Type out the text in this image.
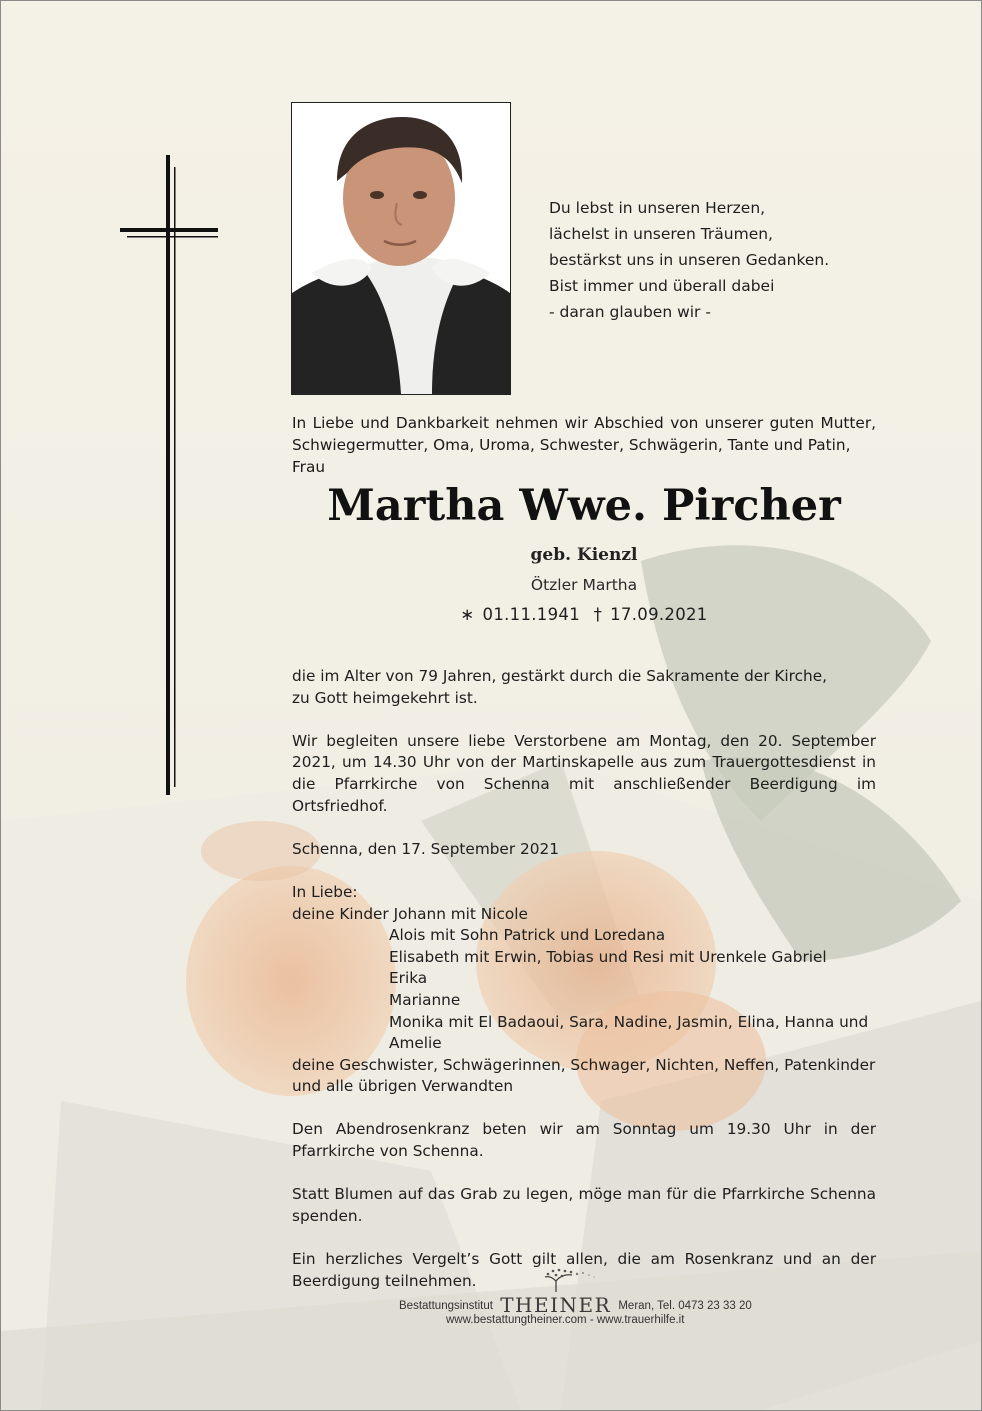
Du lebst in unseren Herzen,
lächelst in unseren Träumen,
bestärkst uns in unseren Gedanken.
Bist immer und überall dabei
- daran glauben wir -
In Liebe und Dankbarkeit nehmen wir Abschied von unserer guten Mutter,
Schwiegermutter, Oma, Uroma, Schwester, Schwägerin, Tante und Patin, Frau
Martha Wwe. Pircher
geb. Kienzl
Ötzler Martha
∗ 01.11.1941 † 17.09.2021
die im Alter von 79 Jahren, gestärkt durch die Sakramente der Kirche,
zu Gott heimgekehrt ist.

Wir begleiten unsere liebe Verstorbene am Montag, den 20. September 2021, um 14.30 Uhr von der Martinskapelle aus zum Trauergottesdienst in die Pfarrkirche von Schenna mit anschließender Beerdigung im Ortsfriedhof.

Schenna, den 17. September 2021
In Liebe:
deine Kinder Johann mit Nicole
Alois mit Sohn Patrick und Loredana
Elisabeth mit Erwin, Tobias und Resi mit Urenkele Gabriel
Erika
Marianne
Monika mit El Badaoui, Sara, Nadine, Jasmin, Elina, Hanna und
Amelie
deine Geschwister, Schwägerinnen, Schwager, Nichten, Neffen, Patenkinder
und alle übrigen Verwandten

Den Abendrosenkranz beten wir am Sonntag um 19.30 Uhr in der Pfarrkirche von Schenna.

Statt Blumen auf das Grab zu legen, möge man für die Pfarrkirche Schenna spenden.

Ein herzliches Vergelt’s Gott gilt allen, die am Rosenkranz und an der Beerdigung teilnehmen.

Bestattungsinstitut THEINER Meran, Tel. 0473 23 33 20
www.bestattungtheiner.com - www.trauerhilfe.it
